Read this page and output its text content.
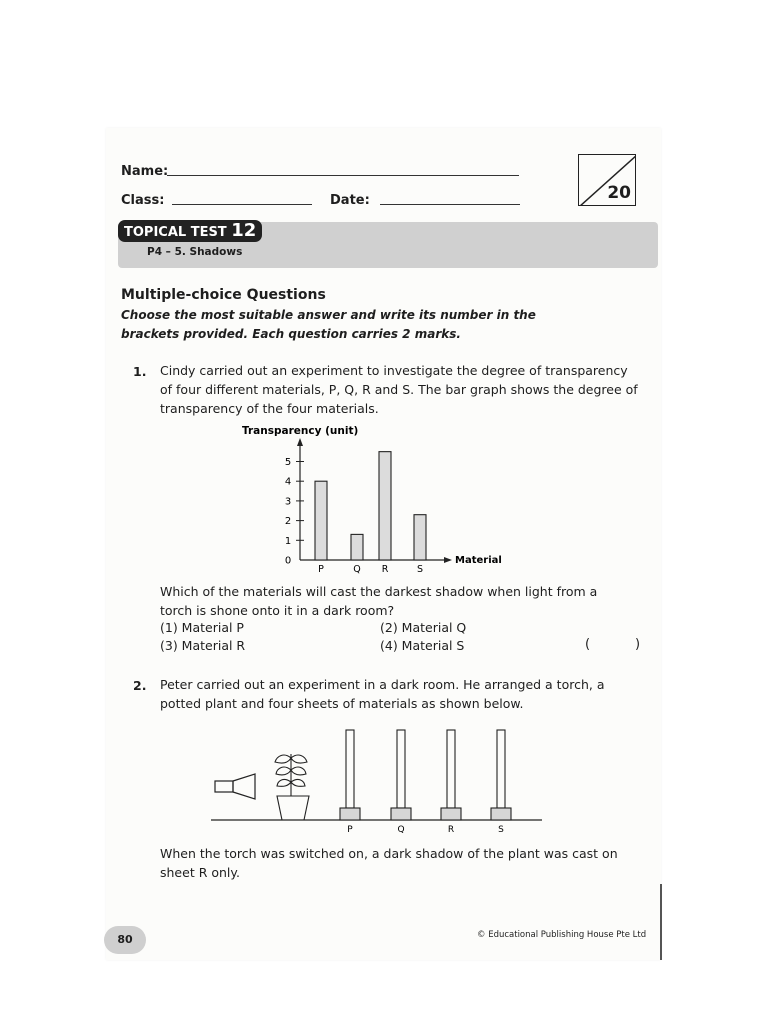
Name:
Class:	Date:	20
TOPICAL TEST 12
P4 – 5. Shadows
Multiple-choice Questions
Choose the most suitable answer and write its number in the brackets provided. Each question carries 2 marks.
1. Cindy carried out an experiment to investigate the degree of transparency of four different materials, P, Q, R and S. The bar graph shows the degree of transparency of the four materials.
0
1
2
3
4
5
P	Q R	S
Transparency (unit)
Material
Which of the materials will cast the darkest shadow when light from a torch is shone onto it in a dark room?
(1) Material P	(2) Material Q
(3) Material R	(4) Material S	(	)
2. Peter carried out an experiment in a dark room. He arranged a torch, a potted plant and four sheets of materials as shown below.
P	Q	R	S
When the torch was switched on, a dark shadow of the plant was cast on sheet R only.
80	© Educational Publishing House Pte Ltd
